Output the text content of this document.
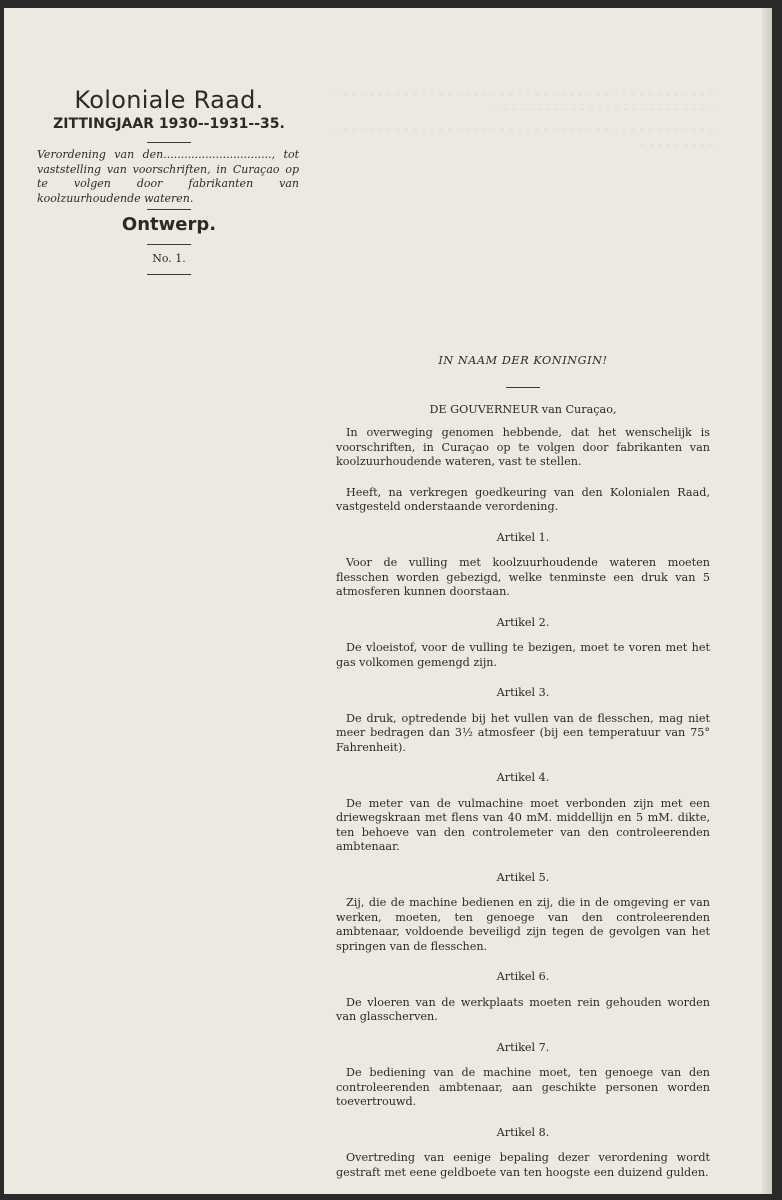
⁃ ⁃ ⁃ ⁃ ⁃ ⁃ ⁃ ⁃ ⁃ ⁃ ⁃ ⁃ ⁃ ⁃ ⁃ ⁃ ⁃ ⁃ ⁃ ⁃ ⁃ ⁃ ⁃ ⁃ ⁃ ⁃ ⁃ ⁃ ⁃ ⁃ ⁃ ⁃ ⁃ ⁃ ⁃ ⁃ ⁃ ⁃ ⁃ ⁃ ⁃ ⁃ ⁃ ⁃ ⁃ ⁃ ⁃ ⁃ ⁃ ⁃ ⁃ ⁃ ⁃ ⁃ ⁃ ⁃ ⁃ ⁃ ⁃ ⁃ ⁃ ⁃ ⁃ ⁃ ⁃ ⁃ ⁃ ⁃ ⁃ ⁃

⁃ ⁃ ⁃ ⁃ ⁃ ⁃ ⁃ ⁃ ⁃ ⁃ ⁃ ⁃ ⁃ ⁃ ⁃ ⁃ ⁃ ⁃ ⁃ ⁃ ⁃ ⁃ ⁃ ⁃ ⁃ ⁃ ⁃ ⁃ ⁃ ⁃ ⁃ ⁃ ⁃ ⁃ ⁃ ⁃ ⁃ ⁃ ⁃ ⁃ ⁃ ⁃ ⁃ ⁃ ⁃ ⁃ ⁃ ⁃ ⁃ ⁃ ⁃ ⁃ ⁃

Koloniale Raad.

ZITTINGJAAR 1930--1931--35.

Verordening van den..............................., tot vaststelling van voorschriften, in Curaçao op te volgen door fabrikanten van koolzuurhoudende wateren.

Ontwerp.
No. 1.

IN NAAM DER KONINGIN!

DE GOUVERNEUR van Curaçao,

In overweging genomen hebbende, dat het wenschelijk is voorschriften, in Curaçao op te volgen door fabrikanten van koolzuurhoudende wateren, vast te stellen.

Heeft, na verkregen goedkeuring van den Kolonialen Raad, vastgesteld onderstaande verordening.

Artikel 1.

Voor de vulling met koolzuurhoudende wateren moeten flesschen worden gebezigd, welke tenminste een druk van 5 atmosferen kunnen doorstaan.

Artikel 2.

De vloeistof, voor de vulling te bezigen, moet te voren met het gas volkomen gemengd zijn.

Artikel 3.

De druk, optredende bij het vullen van de flesschen, mag niet meer bedragen dan 3½ atmosfeer (bij een temperatuur van 75° Fahrenheit).

Artikel 4.

De meter van de vulmachine moet verbonden zijn met een driewegskraan met flens van 40 mM. middellijn en 5 mM. dikte, ten behoeve van den controlemeter van den controleerenden ambtenaar.

Artikel 5.

Zij, die de machine bedienen en zij, die in de omgeving er van werken, moeten, ten genoege van den controleerenden ambtenaar, voldoende beveiligd zijn tegen de gevolgen van het springen van de flesschen.

Artikel 6.

De vloeren van de werkplaats moeten rein gehouden worden van glasscherven.

Artikel 7.

De bediening van de machine moet, ten genoege van den controleerenden ambtenaar, aan geschikte personen worden toevertrouwd.

Artikel 8.

Overtreding van eenige bepaling dezer verordening wordt gestraft met eene geldboete van ten hoogste een duizend gulden.
